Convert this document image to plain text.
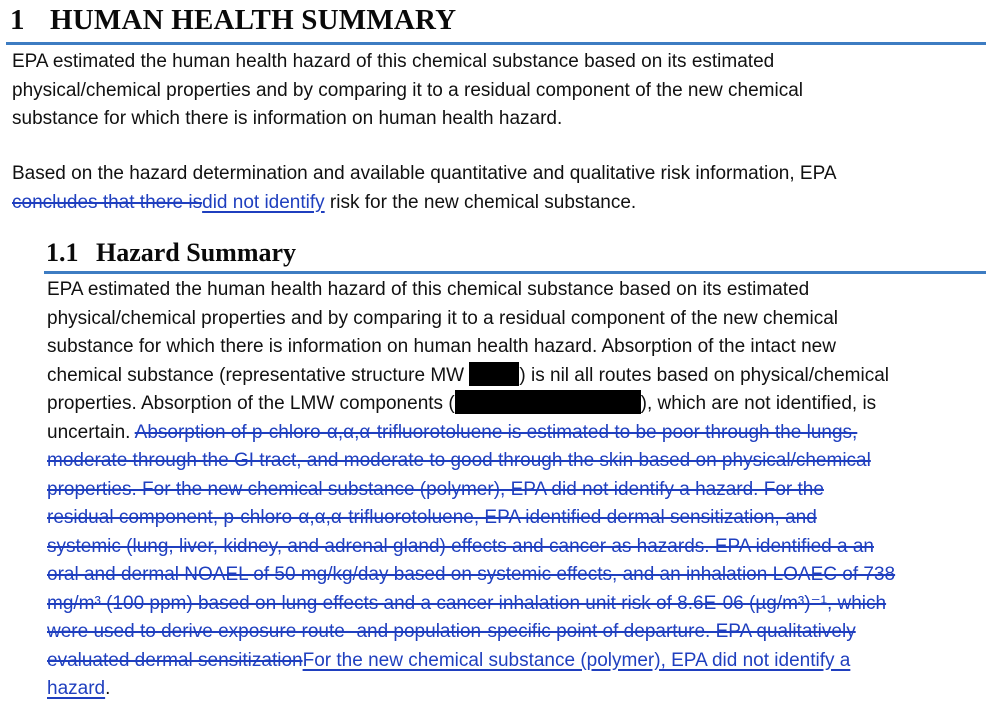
1 HUMAN HEALTH SUMMARY
EPA estimated the human health hazard of this chemical substance based on its estimated
physical/chemical properties and by comparing it to a residual component of the new chemical
substance for which there is information on human health hazard.
Based on the hazard determination and available quantitative and qualitative risk information, EPA
concludes that there isdid not identify risk for the new chemical substance.
1.1 Hazard Summary
EPA estimated the human health hazard of this chemical substance based on its estimated
physical/chemical properties and by comparing it to a residual component of the new chemical
substance for which there is information on human health hazard. Absorption of the intact new
chemical substance (representative structure MW	) is nil all routes based on physical/chemical
properties. Absorption of the LMW components (	), which are not identified, is
uncertain. Absorption of p-chloro-α,α,α-trifluorotoluene is estimated to be poor through the lungs,
moderate through the GI tract, and moderate to good through the skin based on physical/chemical
properties. For the new chemical substance (polymer), EPA did not identify a hazard. For the
residual component, p-chloro-α,α,α-trifluorotoluene, EPA identified dermal sensitization, and
systemic (lung, liver, kidney, and adrenal gland) effects and cancer as hazards. EPA identified a an
oral and dermal NOAEL of 50 mg/kg/day based on systemic effects, and an inhalation LOAEC of 738
mg/m³ (100 ppm) based on lung effects and a cancer inhalation unit risk of 8.6E-06 (µg/m³)⁻¹, which
were used to derive exposure route- and population-specific point of departure. EPA qualitatively
evaluated dermal sensitizationFor the new chemical substance (polymer), EPA did not identify a
hazard.
